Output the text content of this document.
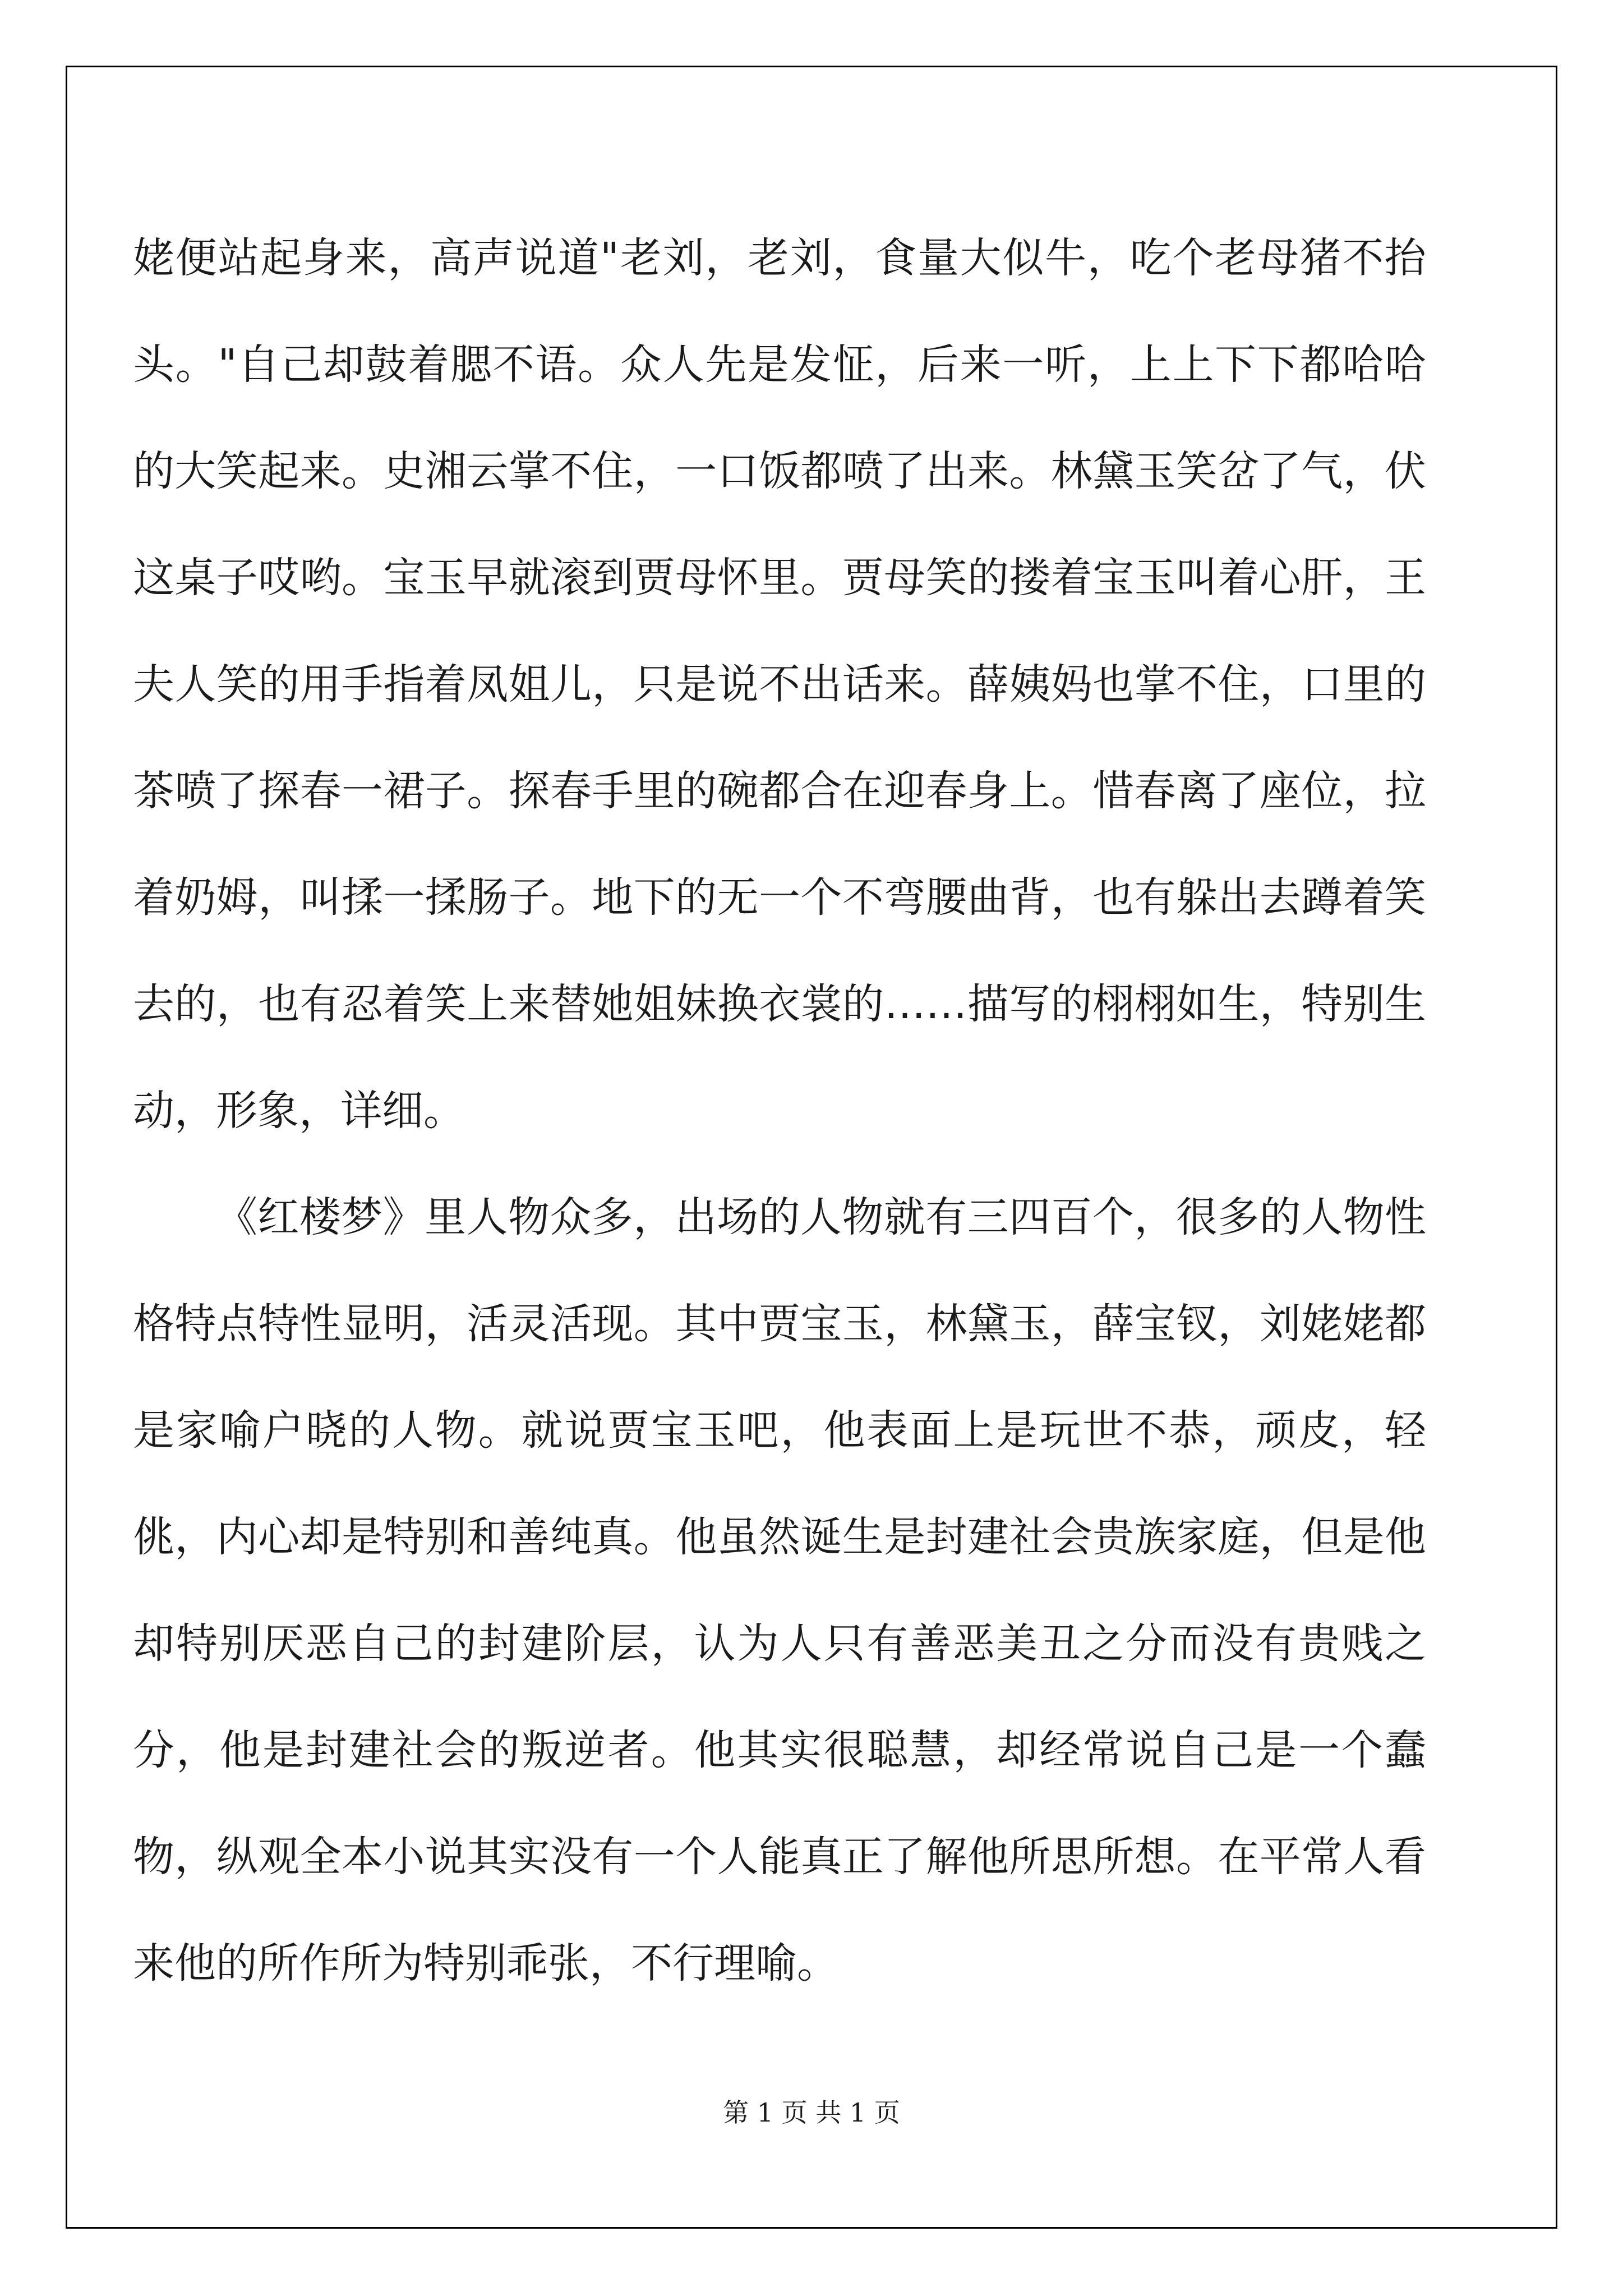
姥便站起身来，高声说道"老刘，老刘，食量大似牛，吃个老母猪不抬头。"自己却鼓着腮不语。众人先是发怔，后来一听，上上下下都哈哈的大笑起来。史湘云掌不住，一口饭都喷了出来。林黛玉笑岔了气，伏这桌子哎哟。宝玉早就滚到贾母怀里。贾母笑的搂着宝玉叫着心肝，王夫人笑的用手指着凤姐儿，只是说不出话来。薛姨妈也掌不住，口里的茶喷了探春一裙子。探春手里的碗都合在迎春身上。惜春离了座位，拉着奶姆，叫揉一揉肠子。地下的无一个不弯腰曲背，也有躲出去蹲着笑去的，也有忍着笑上来替她姐妹换衣裳的……描写的栩栩如生，特别生动，形象，详细。

《红楼梦》里人物众多，出场的人物就有三四百个，很多的人物性格特点特性显明，活灵活现。其中贾宝玉，林黛玉，薛宝钗，刘姥姥都是家喻户晓的人物。就说贾宝玉吧，他表面上是玩世不恭，顽皮，轻佻，内心却是特别和善纯真。他虽然诞生是封建社会贵族家庭，但是他却特别厌恶自己的封建阶层，认为人只有善恶美丑之分而没有贵贱之分，他是封建社会的叛逆者。他其实很聪慧，却经常说自己是一个蠢物，纵观全本小说其实没有一个人能真正了解他所思所想。在平常人看来他的所作所为特别乖张，不行理喻。

第 1 页 共 1 页
